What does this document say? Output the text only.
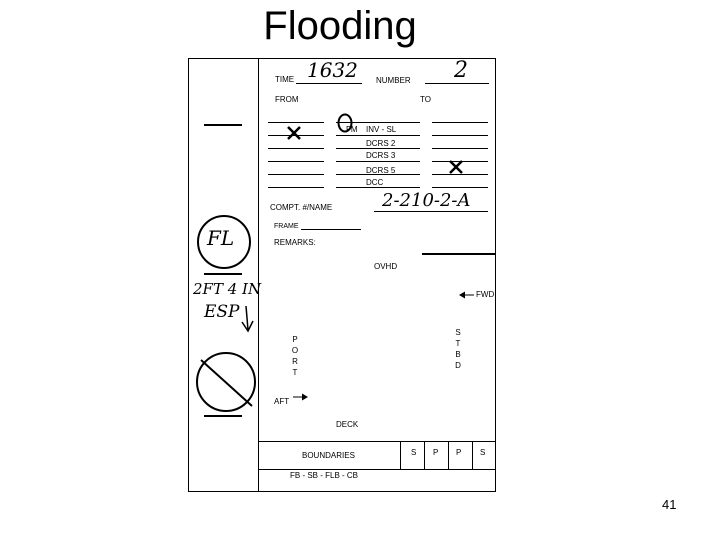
Flooding
TIME 1632 NUMBER 2
FROM	TO
FM INV - SL
DCRS 2
DCRS 3
DCRS 5
DCC
COMPT. #/NAME	2-210-2-A
FRAME
REMARKS:
OVHD
FWD
S
T
B
D
P
O
R
T
AFT
DECK
BOUNDARIES	S P P S
FB - SB - FLB - CB
FL
2FT 4 IN
ESP
41
